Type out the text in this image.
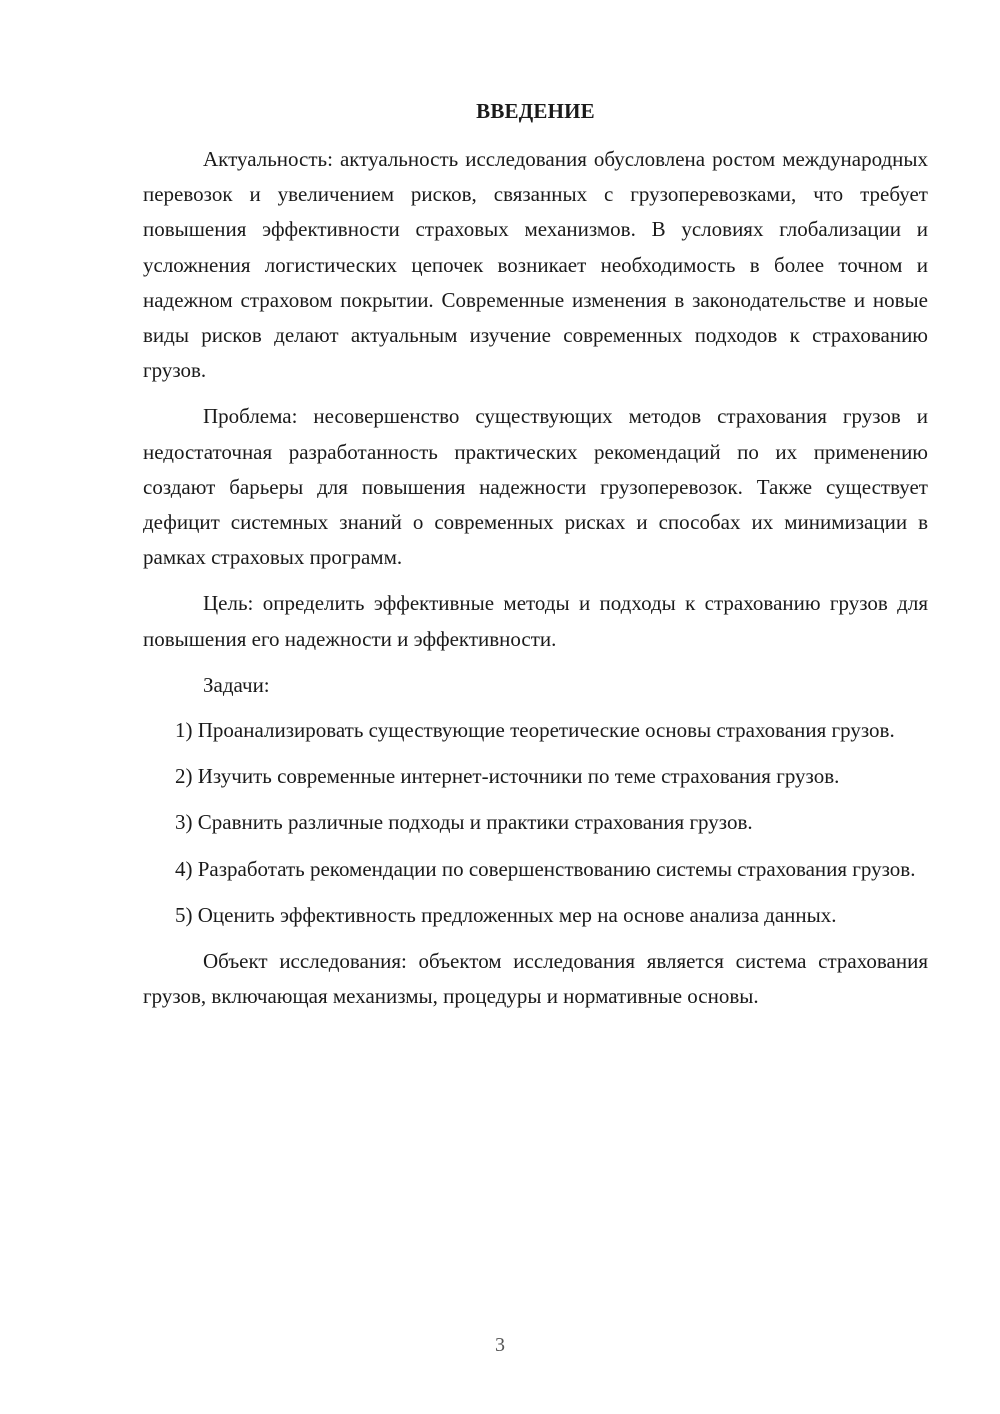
ВВЕДЕНИЕ

Актуальность: актуальность исследования обусловлена ростом международных перевозок и увеличением рисков, связанных с грузоперевозками, что требует повышения эффективности страховых механизмов. В условиях глобализации и усложнения логистических цепочек возникает необходимость в более точном и надежном страховом покрытии. Современные изменения в законодательстве и новые виды рисков делают актуальным изучение современных подходов к страхованию грузов.

Проблема: несовершенство существующих методов страхования грузов и недостаточная разработанность практических рекомендаций по их применению создают барьеры для повышения надежности грузоперевозок. Также существует дефицит системных знаний о современных рисках и способах их минимизации в рамках страховых программ.

Цель: определить эффективные методы и подходы к страхованию грузов для повышения его надежности и эффективности.

Задачи:

1) Проанализировать существующие теоретические основы страхования грузов.

2) Изучить современные интернет-источники по теме страхования грузов.

3) Сравнить различные подходы и практики страхования грузов.

4) Разработать рекомендации по совершенствованию системы страхования грузов.

5) Оценить эффективность предложенных мер на основе анализа данных.

Объект исследования: объектом исследования является система страхования грузов, включающая механизмы, процедуры и нормативные основы.

3
